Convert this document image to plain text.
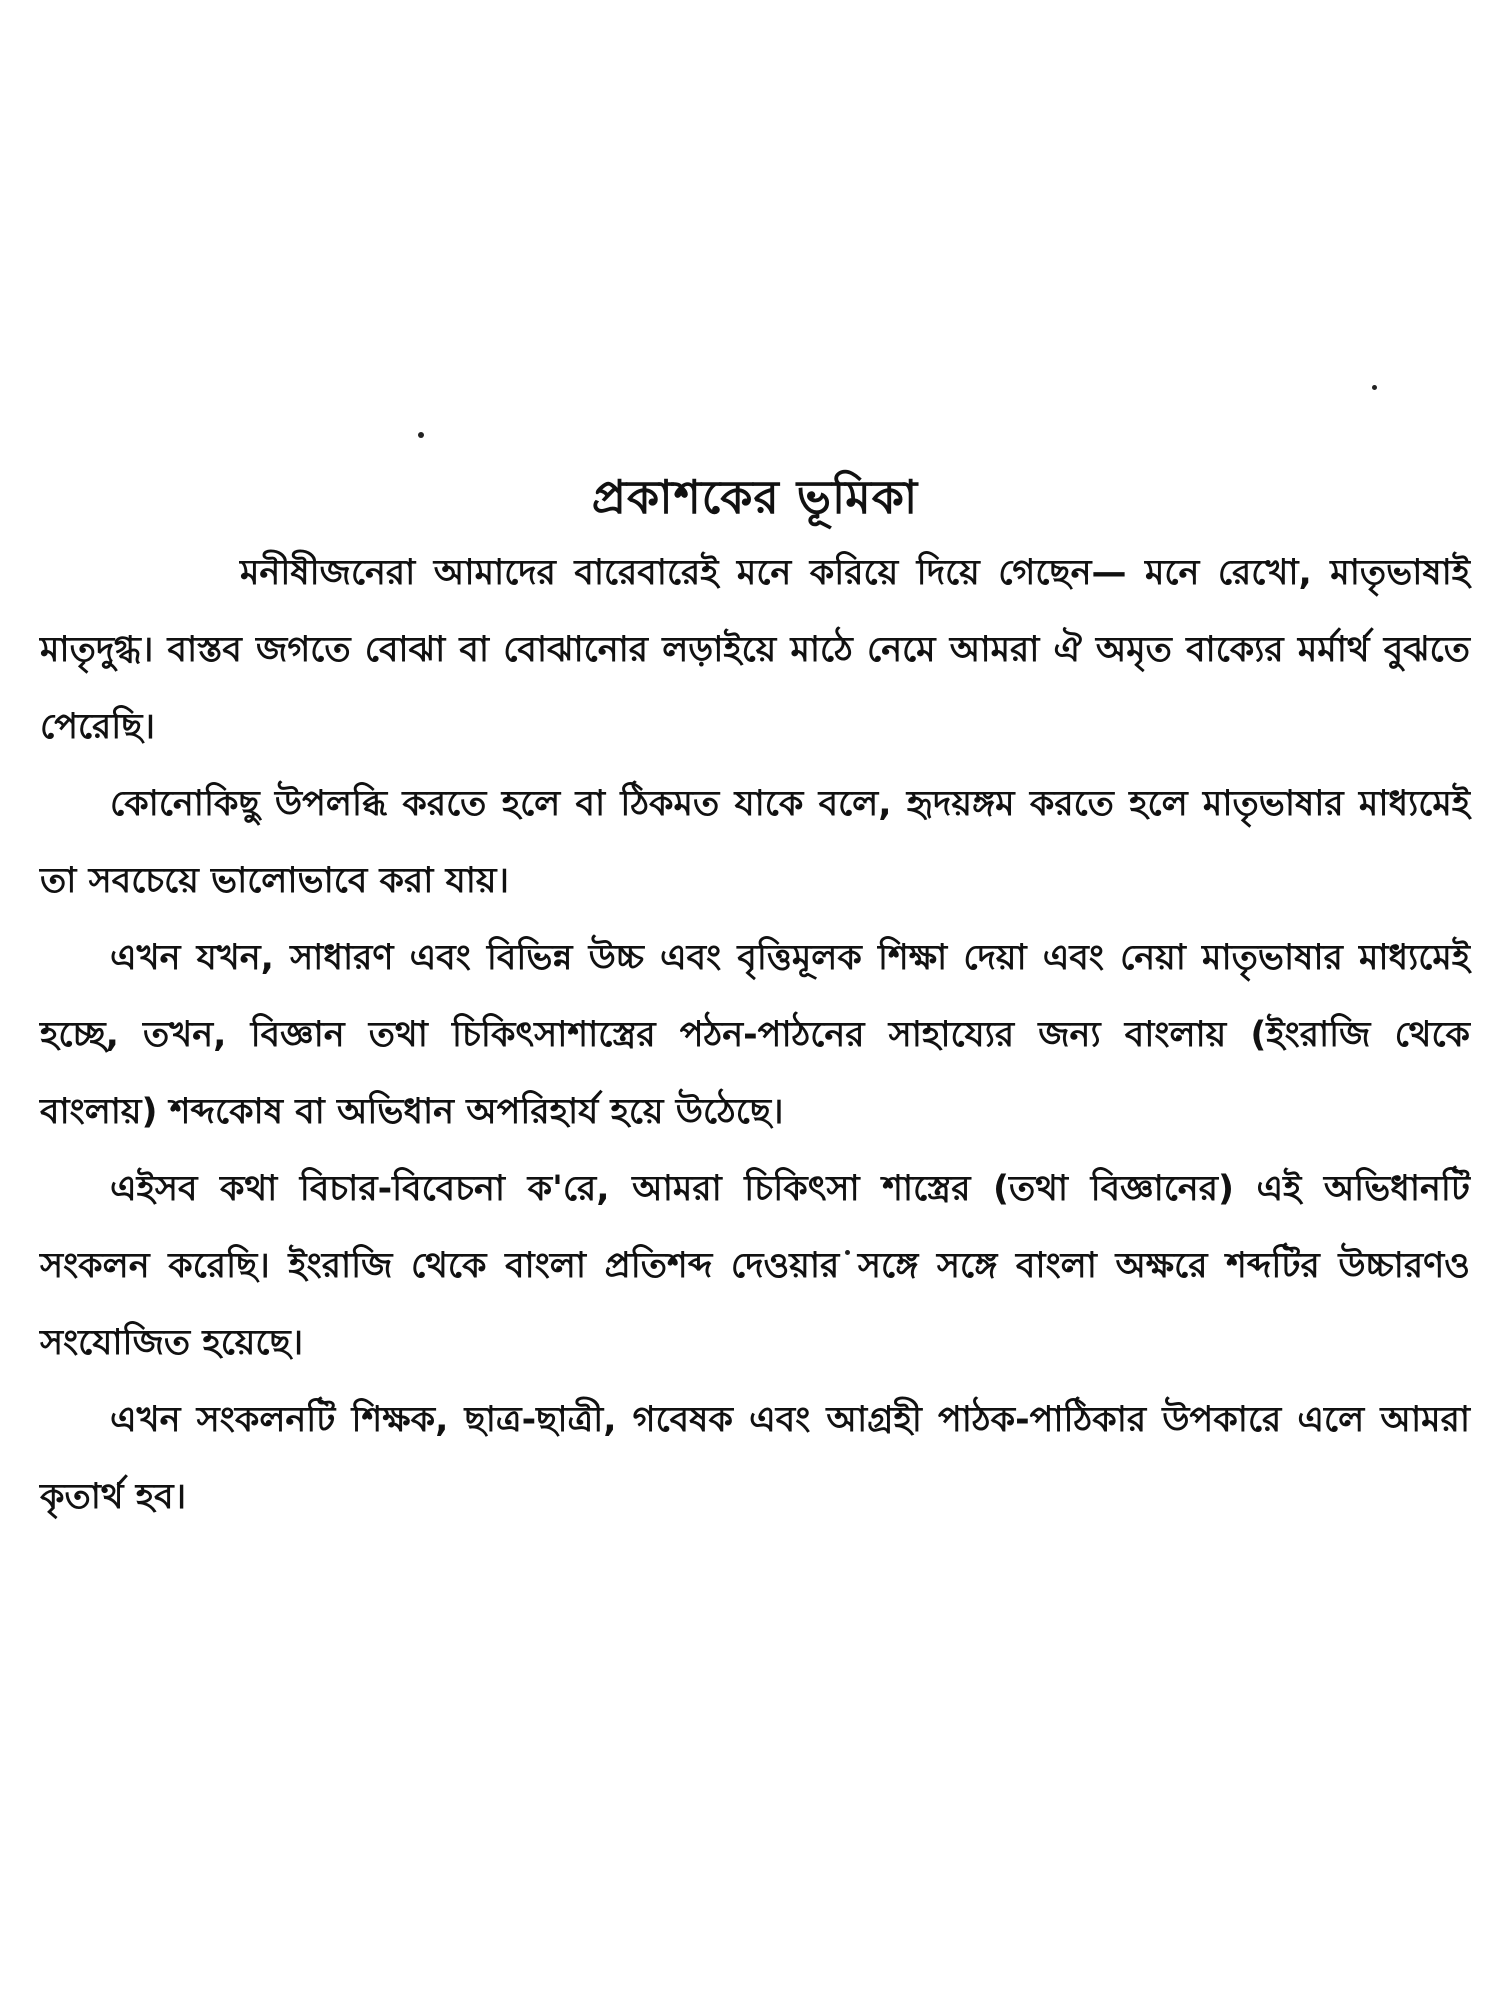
প্রকাশকের ভূমিকা

মনীষীজনেরা আমাদের বারেবারেই মনে করিয়ে দিয়ে গেছেন— মনে রেখো, মাতৃভাষাই মাতৃদুগ্ধ। বাস্তব জগতে বোঝা বা বোঝানোর লড়াইয়ে মাঠে নেমে আমরা ঐ অমৃত বাক্যের মর্মার্থ বুঝতে পেরেছি।

কোনোকিছু উপলব্ধি করতে হলে বা ঠিকমত যাকে বলে, হৃদয়ঙ্গম করতে হলে মাতৃভাষার মাধ্যমেই তা সবচেয়ে ভালোভাবে করা যায়।

এখন যখন, সাধারণ এবং বিভিন্ন উচ্চ এবং বৃত্তিমূলক শিক্ষা দেয়া এবং নেয়া মাতৃভাষার মাধ্যমেই হচ্ছে, তখন, বিজ্ঞান তথা চিকিৎসাশাস্ত্রের পঠন-পাঠনের সাহায্যের জন্য বাংলায় (ইংরাজি থেকে বাংলায়) শব্দকোষ বা অভিধান অপরিহার্য হয়ে উঠেছে।

এইসব কথা বিচার-বিবেচনা ক'রে, আমরা চিকিৎসা শাস্ত্রের (তথা বিজ্ঞানের) এই অভিধানটি সংকলন করেছি। ইংরাজি থেকে বাংলা প্রতিশব্দ দেওয়ার সঙ্গে সঙ্গে বাংলা অক্ষরে শব্দটির উচ্চারণও সংযোজিত হয়েছে।

এখন সংকলনটি শিক্ষক, ছাত্র-ছাত্রী, গবেষক এবং আগ্রহী পাঠক-পাঠিকার উপকারে এলে আমরা কৃতার্থ হব।
